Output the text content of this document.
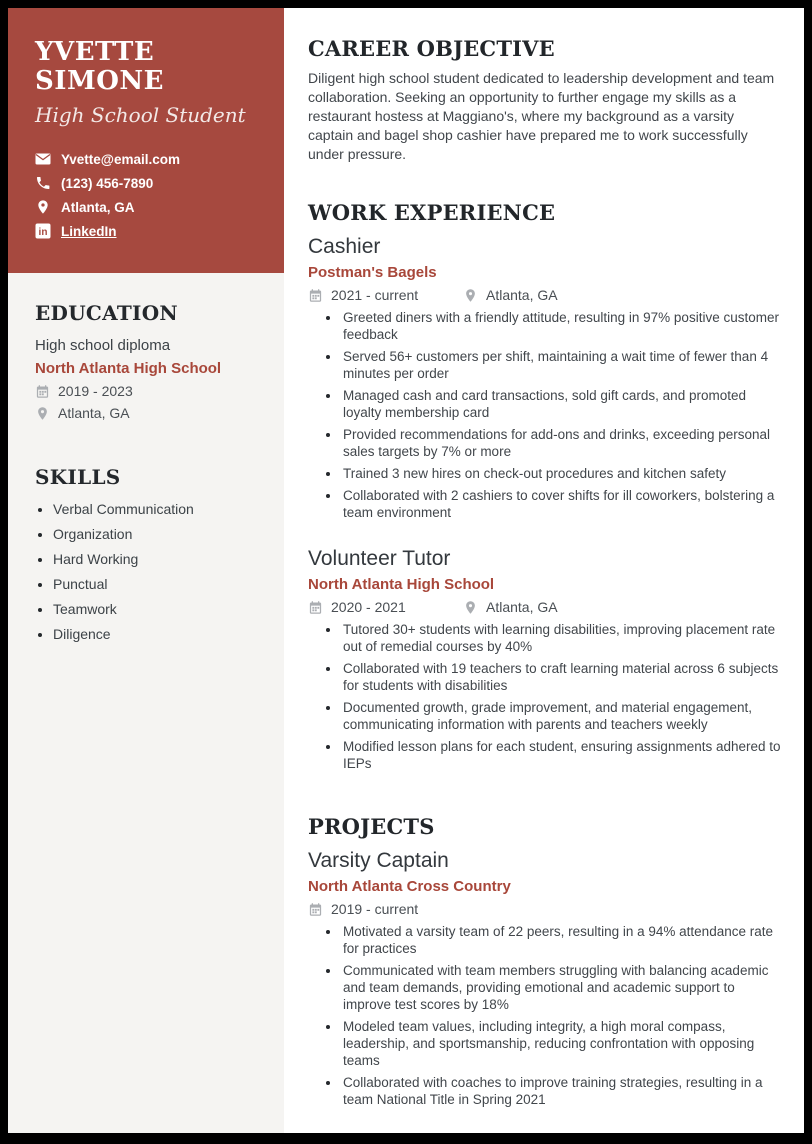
YVETTE SIMONE
High School Student
Yvette@email.com
(123) 456-7890
Atlanta, GA
in LinkedIn
EDUCATION
High school diploma
North Atlanta High School
2019 - 2023
Atlanta, GA
SKILLS
• Verbal Communication
• Organization
• Hard Working
• Punctual
• Teamwork
• Diligence
CAREER OBJECTIVE

Diligent high school student dedicated to leadership development and team collaboration. Seeking an opportunity to further engage my skills as a restaurant hostess at Maggiano's, where my background as a varsity captain and bagel shop cashier have prepared me to work successfully under pressure.

WORK EXPERIENCE
Cashier
Postman's Bagels
2021 - current	Atlanta, GA
• Greeted diners with a friendly attitude, resulting in 97% positive customer feedback
• Served 56+ customers per shift, maintaining a wait time of fewer than 4 minutes per order
• Managed cash and card transactions, sold gift cards, and promoted loyalty membership card
• Provided recommendations for add-ons and drinks, exceeding personal sales targets by 7% or more
• Trained 3 new hires on check-out procedures and kitchen safety
• Collaborated with 2 cashiers to cover shifts for ill coworkers, bolstering a team environment
Volunteer Tutor
North Atlanta High School
2020 - 2021	Atlanta, GA
• Tutored 30+ students with learning disabilities, improving placement rate out of remedial courses by 40%
• Collaborated with 19 teachers to craft learning material across 6 subjects for students with disabilities
• Documented growth, grade improvement, and material engagement, communicating information with parents and teachers weekly
• Modified lesson plans for each student, ensuring assignments adhered to IEPs
PROJECTS
Varsity Captain
North Atlanta Cross Country
2019 - current
• Motivated a varsity team of 22 peers, resulting in a 94% attendance rate for practices
• Communicated with team members struggling with balancing academic and team demands, providing emotional and academic support to improve test scores by 18%
• Modeled team values, including integrity, a high moral compass, leadership, and sportsmanship, reducing confrontation with opposing teams
• Collaborated with coaches to improve training strategies, resulting in a team National Title in Spring 2021
